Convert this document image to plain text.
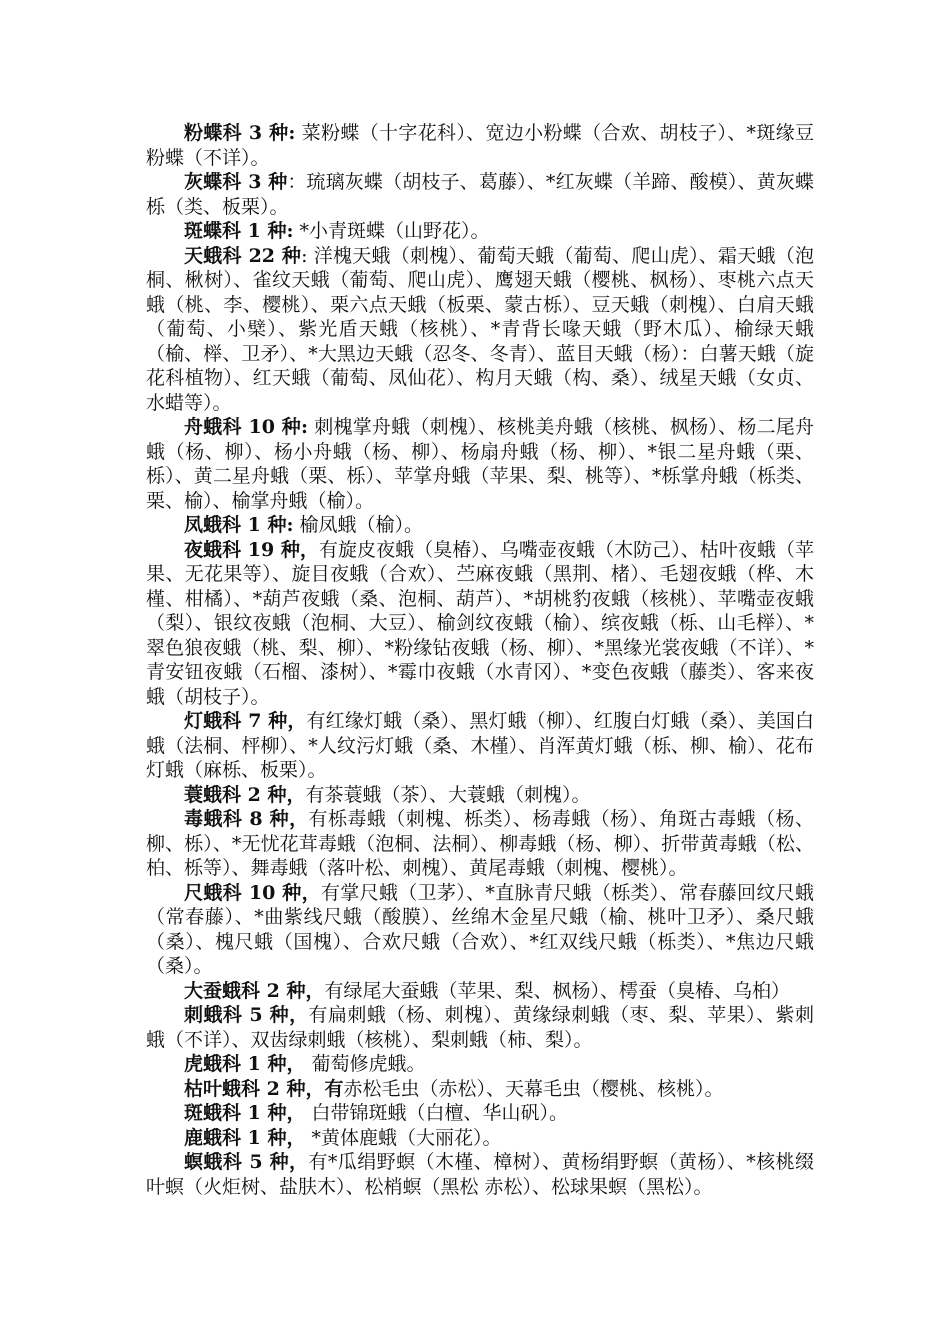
粉蝶科 3 种: 菜粉蝶（十字花科）、宽边小粉蝶（合欢、胡枝子）、*斑缘豆粉蝶（不详）。

灰蝶科 3 种：琉璃灰蝶（胡枝子、葛藤）、*红灰蝶（羊蹄、酸模）、黄灰蝶栎（类、板栗）。

斑蝶科 1 种: *小青斑蝶（山野花）。

天蛾科 22 种: 洋槐天蛾（刺槐）、葡萄天蛾（葡萄、爬山虎）、霜天蛾（泡桐、楸树）、雀纹天蛾（葡萄、爬山虎）、鹰翅天蛾（樱桃、枫杨）、枣桃六点天蛾（桃、李、樱桃）、栗六点天蛾（板栗、蒙古栎）、豆天蛾（刺槐）、白肩天蛾（葡萄、小檗）、紫光盾天蛾（核桃）、*青背长喙天蛾（野木瓜）、榆绿天蛾（榆、榉、卫矛）、*大黑边天蛾（忍冬、冬青）、蓝目天蛾（杨）：白薯天蛾（旋花科植物）、红天蛾（葡萄、凤仙花）、构月天蛾（构、桑）、绒星天蛾（女贞、水蜡等）。

舟蛾科 10 种: 刺槐掌舟蛾（刺槐）、核桃美舟蛾（核桃、枫杨）、杨二尾舟蛾（杨、柳）、杨小舟蛾（杨、柳）、杨扇舟蛾（杨、柳）、*银二星舟蛾（栗、栎）、黄二星舟蛾（栗、栎）、苹掌舟蛾（苹果、梨、桃等）、*栎掌舟蛾（栎类、栗、榆）、榆掌舟蛾（榆）。

凤蛾科 1 种: 榆凤蛾（榆）。

夜蛾科 19 种，有旋皮夜蛾（臭椿）、乌嘴壶夜蛾（木防己）、枯叶夜蛾（苹果、无花果等）、旋目夜蛾（合欢）、苎麻夜蛾（黑荆、楮）、毛翅夜蛾（桦、木槿、柑橘）、*葫芦夜蛾（桑、泡桐、葫芦）、*胡桃豹夜蛾（核桃）、苹嘴壶夜蛾（梨）、银纹夜蛾（泡桐、大豆）、榆剑纹夜蛾（榆）、缤夜蛾（栎、山毛榉）、*翠色狼夜蛾（桃、梨、柳）、*粉缘钻夜蛾（杨、柳）、*黑缘光裳夜蛾（不详）、*青安钮夜蛾（石榴、漆树）、*霉巾夜蛾（水青冈）、*变色夜蛾（藤类）、客来夜蛾（胡枝子）。

灯蛾科 7 种，有红缘灯蛾（桑）、黑灯蛾（柳）、红腹白灯蛾（桑）、美国白蛾（法桐、枰柳）、*人纹污灯蛾（桑、木槿）、肖浑黄灯蛾（栎、柳、榆）、花布灯蛾（麻栎、板栗）。

蓑蛾科 2 种，有茶蓑蛾（茶）、大蓑蛾（刺槐）。

毒蛾科 8 种，有栎毒蛾（刺槐、栎类）、杨毒蛾（杨）、角斑古毒蛾（杨、柳、栎）、*无忧花茸毒蛾（泡桐、法桐）、柳毒蛾（杨、柳）、折带黄毒蛾（松、柏、栎等）、舞毒蛾（落叶松、刺槐）、黄尾毒蛾（刺槐、樱桃）。

尺蛾科 10 种，有掌尺蛾（卫茅）、*直脉青尺蛾（栎类）、常春藤回纹尺蛾（常春藤）、*曲紫线尺蛾（酸膜）、丝绵木金星尺蛾（榆、桃叶卫矛）、桑尺蛾（桑）、槐尺蛾（国槐）、合欢尺蛾（合欢）、*红双线尺蛾（栎类）、*焦边尺蛾（桑）。

大蚕蛾科 2 种，有绿尾大蚕蛾（苹果、梨、枫杨）、樗蚕（臭椿、乌桕）

刺蛾科 5 种，有扁刺蛾（杨、刺槐）、黄缘绿刺蛾（枣、梨、苹果）、紫刺蛾（不详）、双齿绿刺蛾（核桃）、梨刺蛾（柿、梨）。

虎蛾科 1 种， 葡萄修虎蛾。

枯叶蛾科 2 种，有赤松毛虫（赤松）、天幕毛虫（樱桃、核桃）。

斑蛾科 1 种， 白带锦斑蛾（白檀、华山矾）。

鹿蛾科 1 种， *黄体鹿蛾（大丽花）。

螟蛾科 5 种，有*瓜绢野螟（木槿、樟树）、黄杨绢野螟（黄杨）、*核桃缀叶螟（火炬树、盐肤木）、松梢螟（黑松 赤松）、松球果螟（黑松）。
